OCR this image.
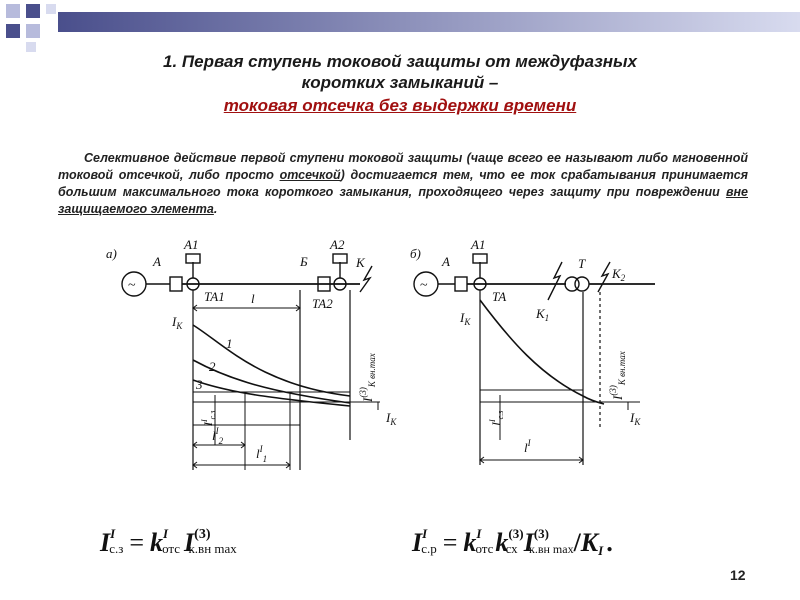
1. Первая ступень токовой защиты от междуфазных
коротких замыканий –
токовая отсечка без выдержки времени
Селективное действие первой ступени токовой защиты (чаще всего ее называют либо мгновенной токовой отсечкой, либо просто отсечкой) достигается тем, что ее ток срабатывания принимается большим максимального тока короткого замыкания, проходящего через защиту при повреждении вне защищаемого элемента.
а)
~
A
A1
Б
A2
K
TA1	TA2
l
$I_K$
1
2
3
$I^{(3)}_{K вн.max}$
$I^I_{с.з}$	$I_K$
$l^I_2$
$l^I_1$
б)
~
A
A1
T
$K_2$
$K_1$
TA
$I_K$
$I^I_{с.з}$
$I^{(3)}_{K вн.max}$
$I_K$
$l^I$
$I^I$ $с.з = k^I$ отс $I^{(3)}$ к.вн max	$I^I$ $с.р = k^I$ отсk$^{(3)}$ сх $I^{(3)}$ к.вн max/KI .
12
